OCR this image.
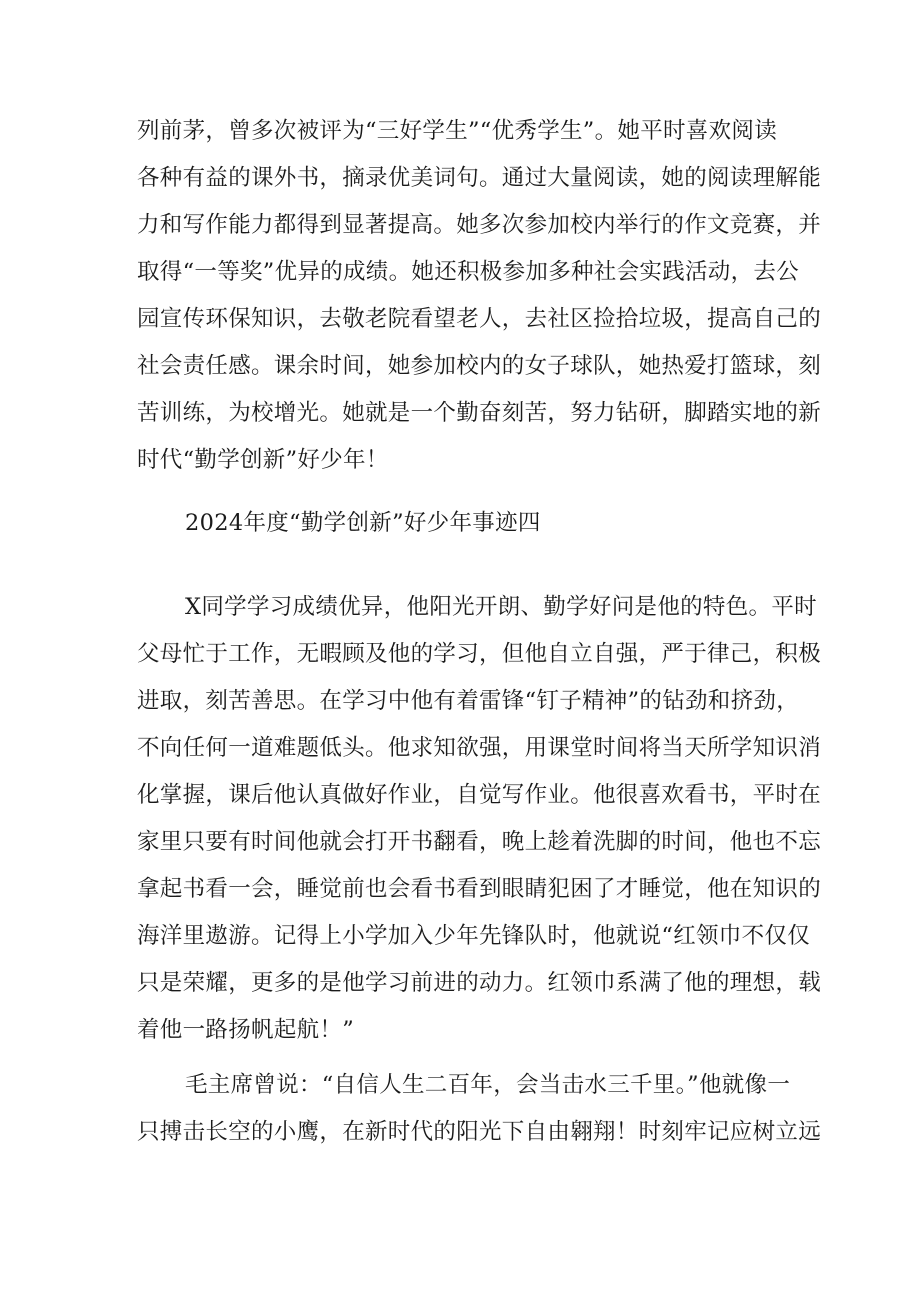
列前茅，曾多次被评为“三好学生”“优秀学生”。她平时喜欢阅读
各种有益的课外书，摘录优美词句。通过大量阅读，她的阅读理解能
力和写作能力都得到显著提高。她多次参加校内举行的作文竞赛，并
取得“一等奖”优异的成绩。她还积极参加多种社会实践活动，去公
园宣传环保知识，去敬老院看望老人，去社区捡拾垃圾，提高自己的
社会责任感。课余时间，她参加校内的女子球队，她热爱打篮球，刻
苦训练，为校增光。她就是一个勤奋刻苦，努力钻研，脚踏实地的新
时代“勤学创新”好少年！
2024年度“勤学创新”好少年事迹四
X同学学习成绩优异，他阳光开朗、勤学好问是他的特色。平时
父母忙于工作，无暇顾及他的学习，但他自立自强，严于律己，积极
进取，刻苦善思。在学习中他有着雷锋“钉子精神”的钻劲和挤劲，
不向任何一道难题低头。他求知欲强，用课堂时间将当天所学知识消
化掌握，课后他认真做好作业，自觉写作业。他很喜欢看书，平时在
家里只要有时间他就会打开书翻看，晚上趁着洗脚的时间，他也不忘
拿起书看一会，睡觉前也会看书看到眼睛犯困了才睡觉，他在知识的
海洋里遨游。记得上小学加入少年先锋队时，他就说“红领巾不仅仅
只是荣耀，更多的是他学习前进的动力。红领巾系满了他的理想，载
着他一路扬帆起航！”
毛主席曾说：“自信人生二百年，会当击水三千里。”他就像一
只搏击长空的小鹰，在新时代的阳光下自由翱翔！时刻牢记应树立远
